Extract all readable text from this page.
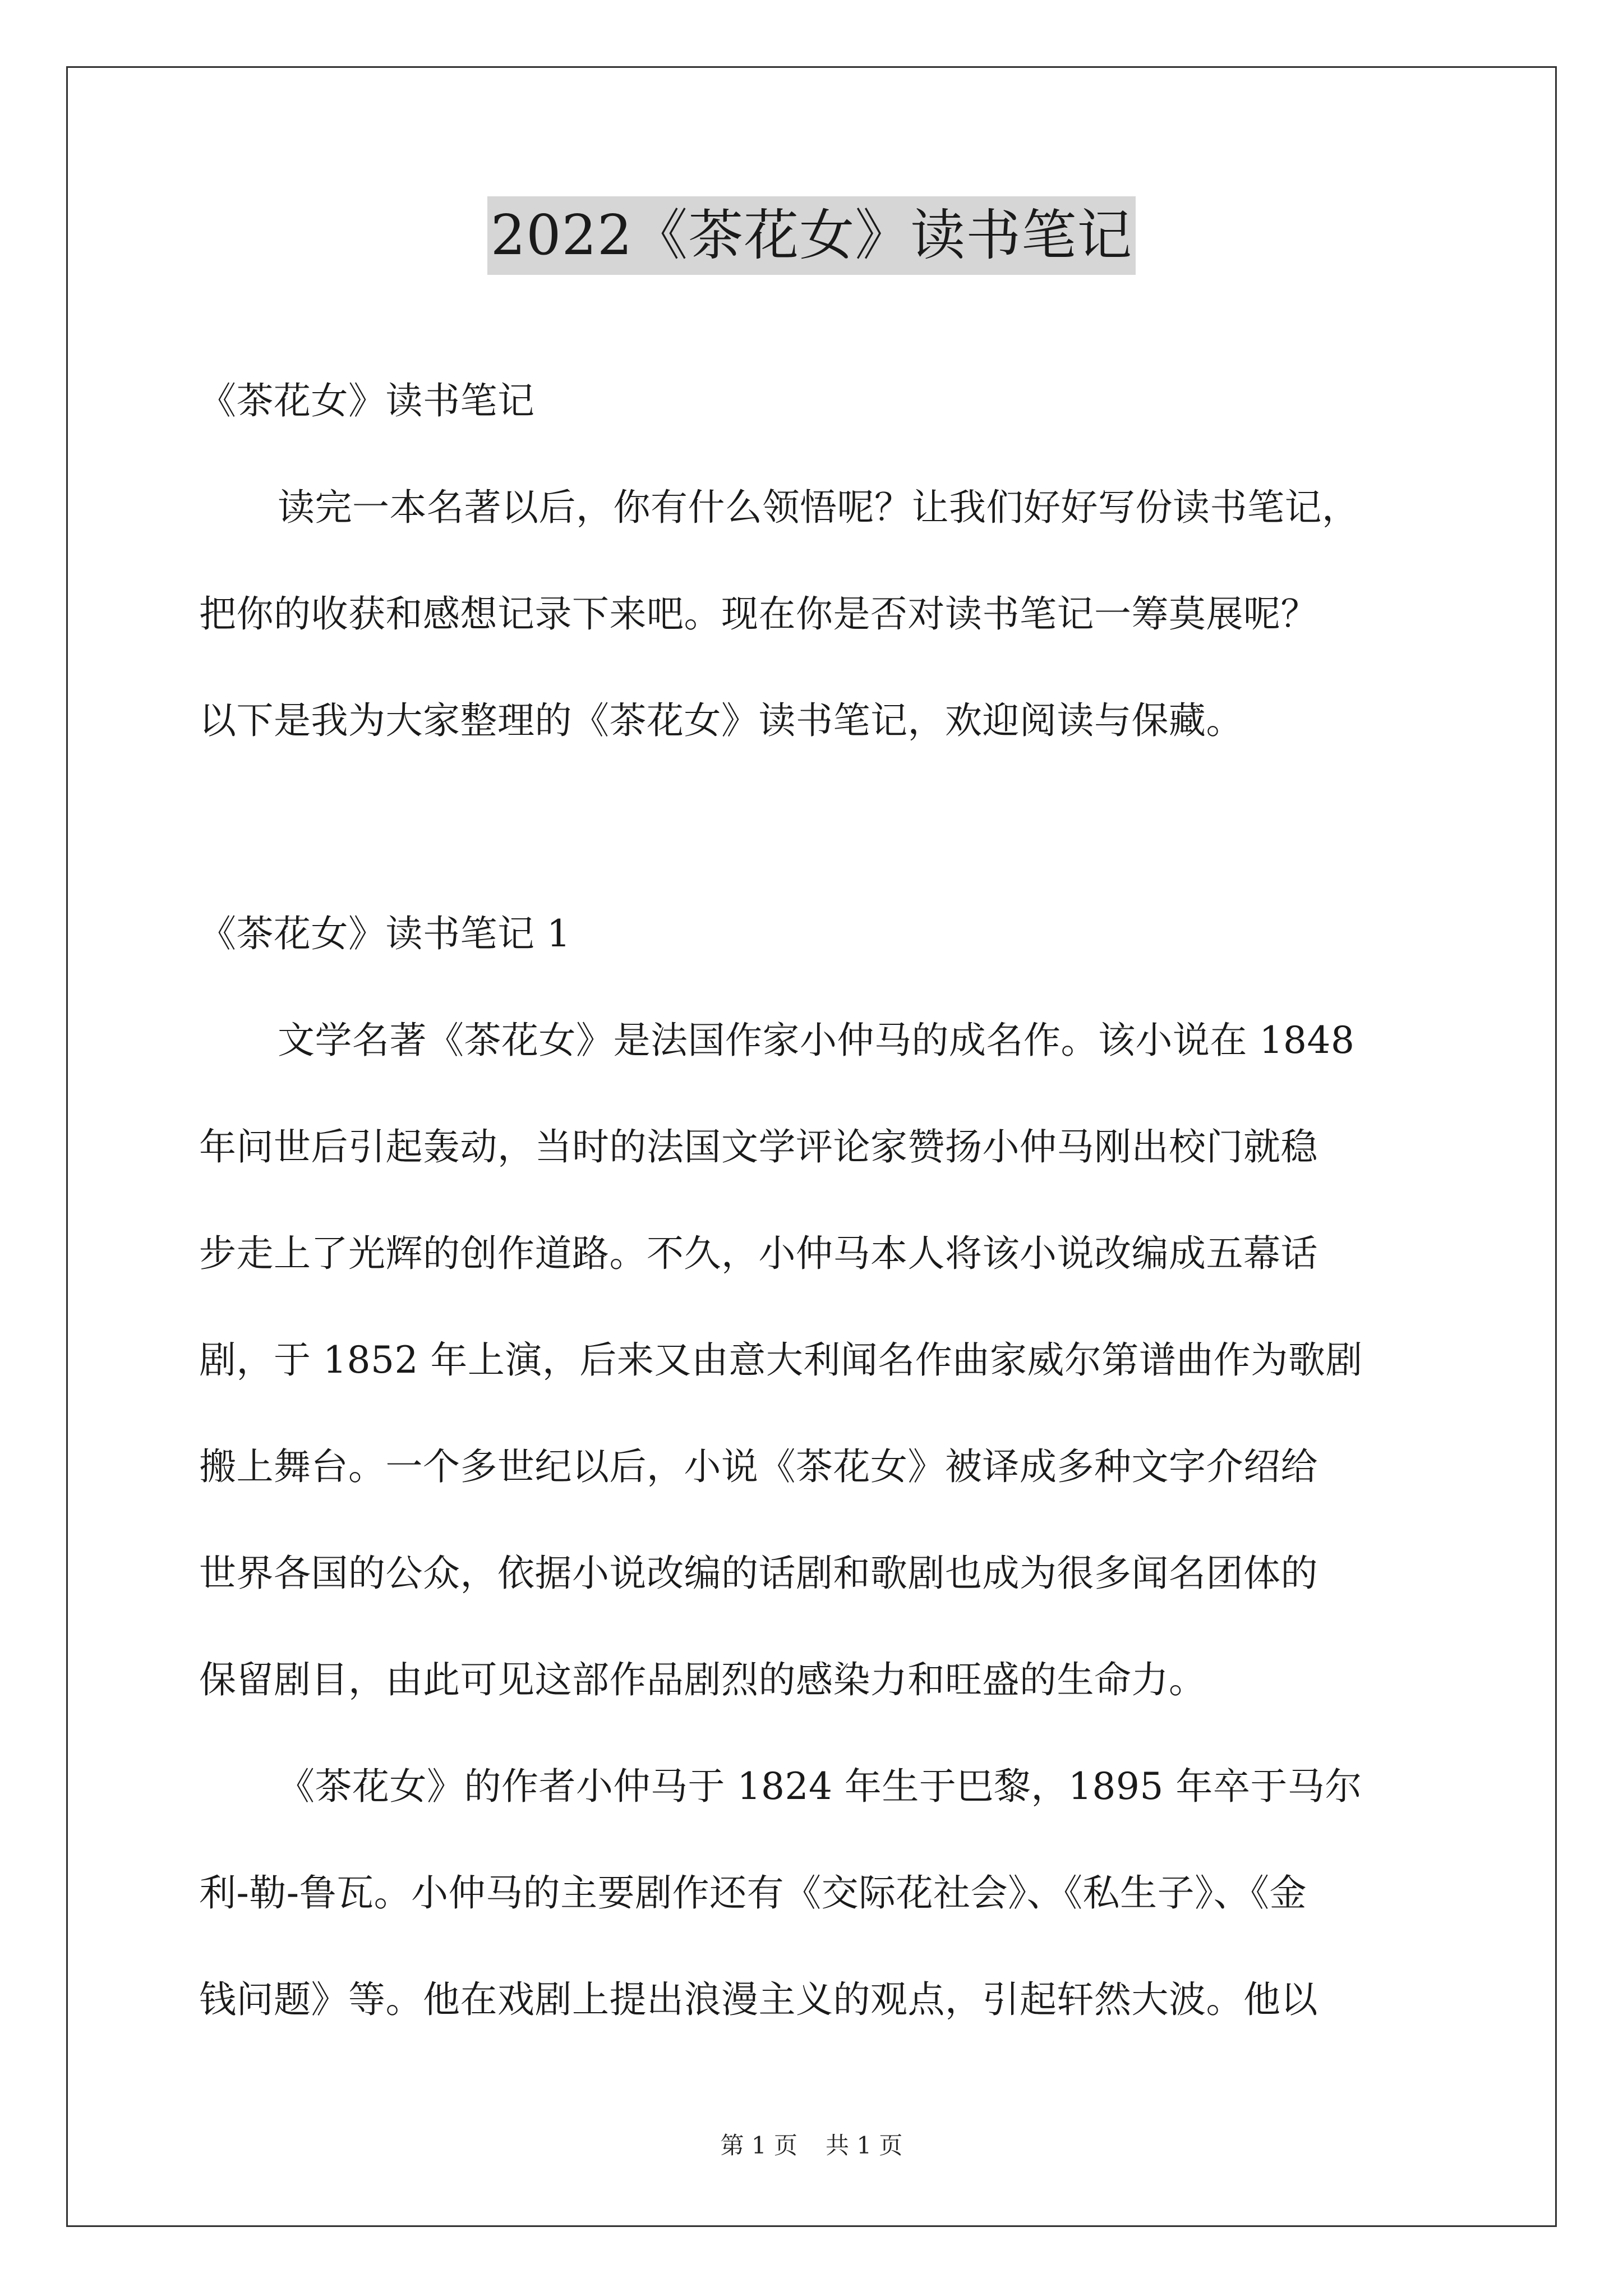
2022《茶花女》读书笔记
《茶花女》读书笔记
读完一本名著以后，你有什么领悟呢？让我们好好写份读书笔记，
把你的收获和感想记录下来吧。现在你是否对读书笔记一筹莫展呢？
以下是我为大家整理的《茶花女》读书笔记，欢迎阅读与保藏。
《茶花女》读书笔记 1
文学名著《茶花女》是法国作家小仲马的成名作。该小说在 1848
年问世后引起轰动，当时的法国文学评论家赞扬小仲马刚出校门就稳
步走上了光辉的创作道路。不久，小仲马本人将该小说改编成五幕话
剧，于 1852 年上演，后来又由意大利闻名作曲家威尔第谱曲作为歌剧
搬上舞台。一个多世纪以后，小说《茶花女》被译成多种文字介绍给
世界各国的公众，依据小说改编的话剧和歌剧也成为很多闻名团体的
保留剧目，由此可见这部作品剧烈的感染力和旺盛的生命力。
《茶花女》的作者小仲马于 1824 年生于巴黎，1895 年卒于马尔
利-勒-鲁瓦。小仲马的主要剧作还有《交际花社会》、《私生子》、《金
钱问题》等。他在戏剧上提出浪漫主义的观点，引起轩然大波。他以
第 1 页 共 1 页
